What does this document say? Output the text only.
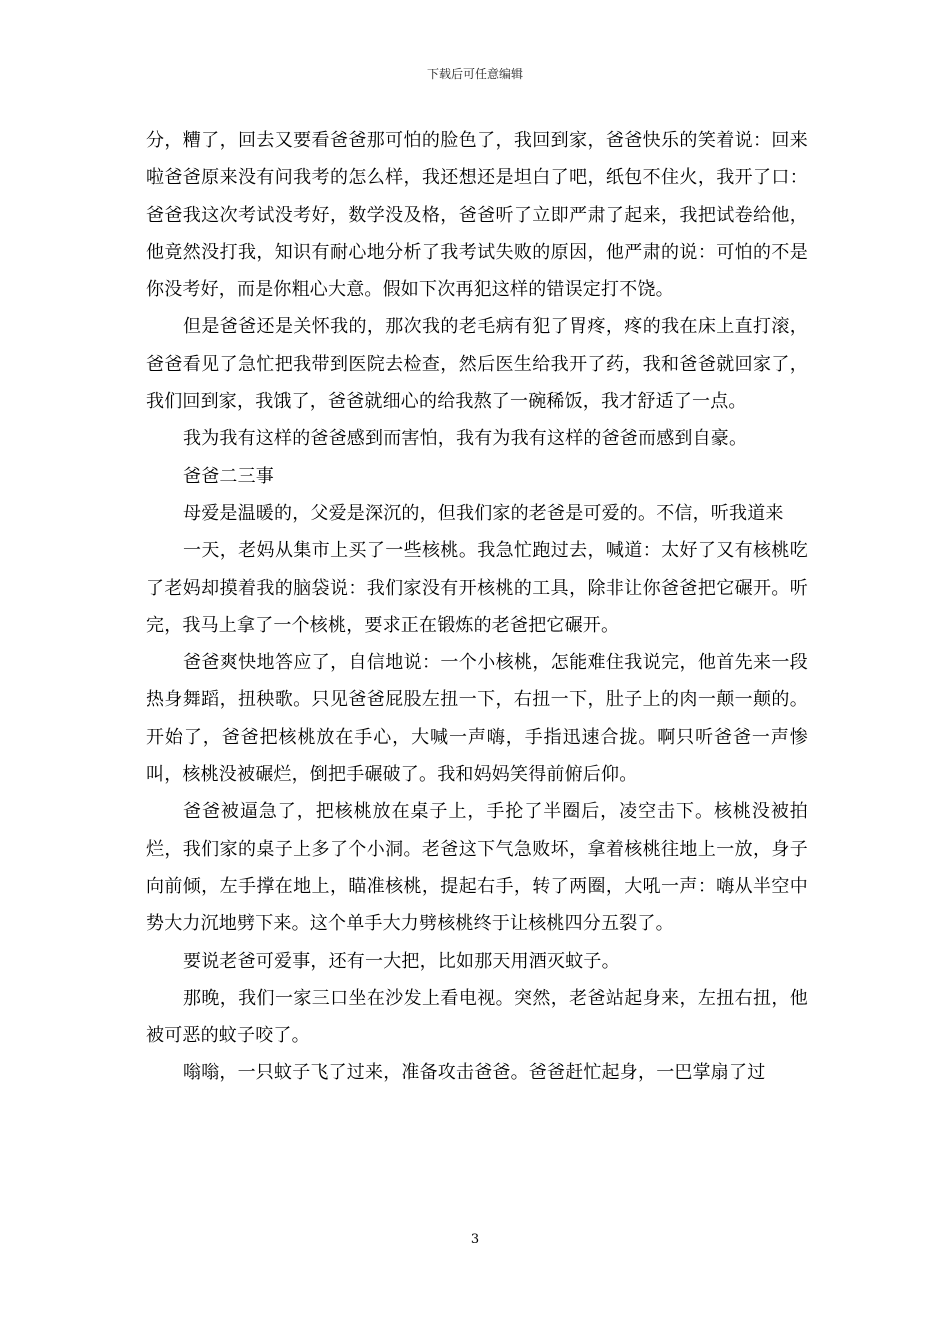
下载后可任意编辑

分，糟了，回去又要看爸爸那可怕的脸色了，我回到家，爸爸快乐的笑着说：回来啦爸爸原来没有问我考的怎么样，我还想还是坦白了吧，纸包不住火，我开了口：爸爸我这次考试没考好，数学没及格，爸爸听了立即严肃了起来，我把试卷给他，他竟然没打我，知识有耐心地分析了我考试失败的原因，他严肃的说：可怕的不是你没考好，而是你粗心大意。假如下次再犯这样的错误定打不饶。

但是爸爸还是关怀我的，那次我的老毛病有犯了胃疼，疼的我在床上直打滚，爸爸看见了急忙把我带到医院去检查，然后医生给我开了药，我和爸爸就回家了，我们回到家，我饿了，爸爸就细心的给我熬了一碗稀饭，我才舒适了一点。

我为我有这样的爸爸感到而害怕，我有为我有这样的爸爸而感到自豪。

爸爸二三事

母爱是温暖的，父爱是深沉的，但我们家的老爸是可爱的。不信，听我道来

一天，老妈从集市上买了一些核桃。我急忙跑过去，喊道：太好了又有核桃吃了老妈却摸着我的脑袋说：我们家没有开核桃的工具，除非让你爸爸把它碾开。听完，我马上拿了一个核桃，要求正在锻炼的老爸把它碾开。

爸爸爽快地答应了，自信地说：一个小核桃，怎能难住我说完，他首先来一段热身舞蹈，扭秧歌。只见爸爸屁股左扭一下，右扭一下，肚子上的肉一颠一颠的。开始了，爸爸把核桃放在手心，大喊一声嗨，手指迅速合拢。啊只听爸爸一声惨叫，核桃没被碾烂，倒把手碾破了。我和妈妈笑得前俯后仰。

爸爸被逼急了，把核桃放在桌子上，手抡了半圈后，凌空击下。核桃没被拍烂，我们家的桌子上多了个小洞。老爸这下气急败坏，拿着核桃往地上一放，身子向前倾，左手撑在地上，瞄准核桃，提起右手，转了两圈，大吼一声：嗨从半空中势大力沉地劈下来。这个单手大力劈核桃终于让核桃四分五裂了。

要说老爸可爱事，还有一大把，比如那天用酒灭蚊子。

那晚，我们一家三口坐在沙发上看电视。突然，老爸站起身来，左扭右扭，他被可恶的蚊子咬了。

嗡嗡，一只蚊子飞了过来，准备攻击爸爸。爸爸赶忙起身，一巴掌扇了过

3
